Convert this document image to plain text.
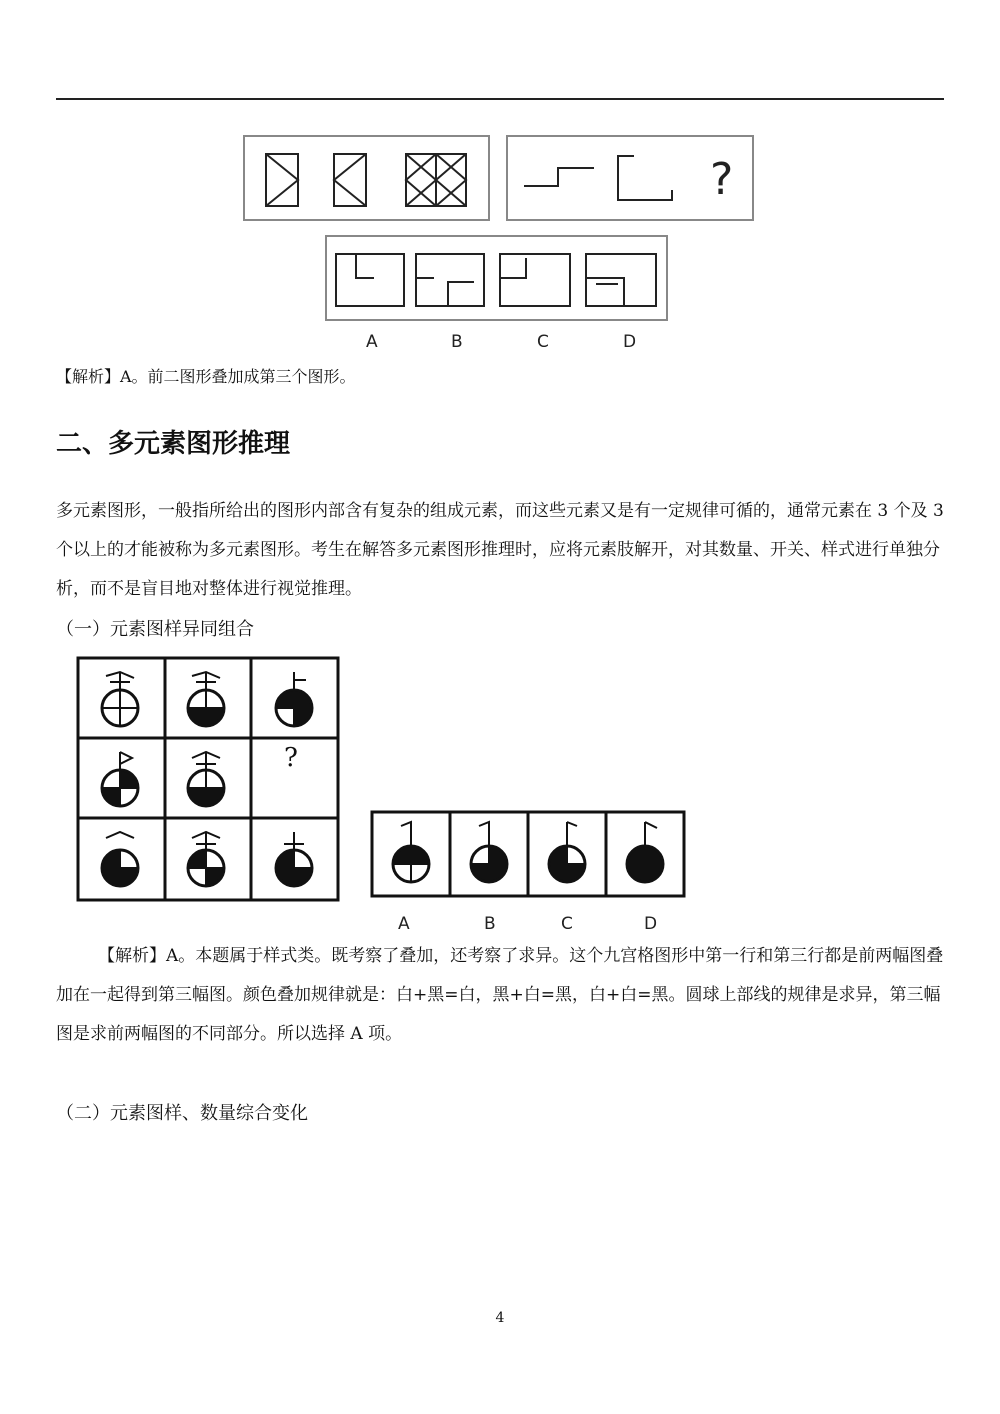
?
A	B	C	D
【解析】A。前二图形叠加成第三个图形。
二、多元素图形推理
多元素图形，一般指所给出的图形内部含有复杂的组成元素，而这些元素又是有一定规律可循的，通常元素在 3 个及 3 个以上的才能被称为多元素图形。考生在解答多元素图形推理时，应将元素肢解开，对其数量、开关、样式进行单独分析，而不是盲目地对整体进行视觉推理。
（一）元素图样异同组合
?
A	B	C	D
【解析】A。本题属于样式类。既考察了叠加，还考察了求异。这个九宫格图形中第一行和第三行都是前两幅图叠加在一起得到第三幅图。颜色叠加规律就是：白+黑=白，黑+白=黑，白+白=黑。圆球上部线的规律是求异，第三幅图是求前两幅图的不同部分。所以选择 A 项。
（二）元素图样、数量综合变化
4
